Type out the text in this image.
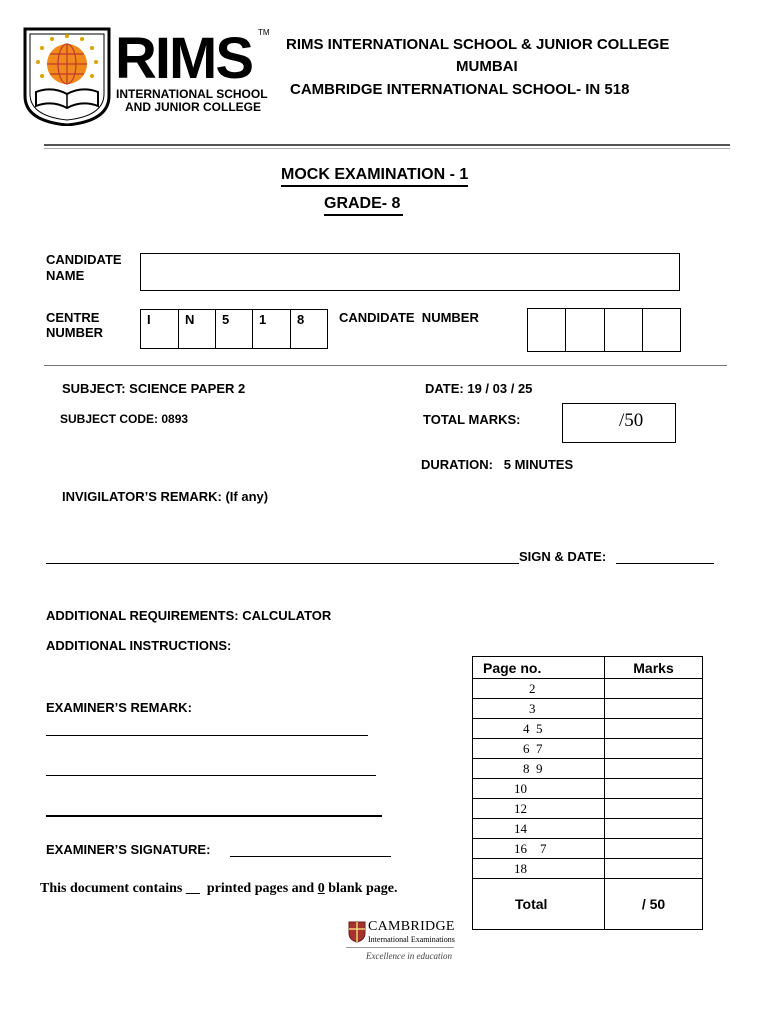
RIMS TM
INTERNATIONAL SCHOOL
AND JUNIOR COLLEGE
RIMS INTERNATIONAL SCHOOL & JUNIOR COLLEGE
MUMBAI
CAMBRIDGE INTERNATIONAL SCHOOL- IN 518
MOCK EXAMINATION - 1
GRADE- 8
CANDIDATE
NAME
CENTRE
NUMBER
I	N	5	1	8	CANDIDATE  NUMBER
SUBJECT: SCIENCE PAPER 2	DATE: 19 / 03 / 25
SUBJECT CODE: 0893	TOTAL MARKS:	/50
DURATION:   5 MINUTES
INVIGILATOR’S REMARK: (If any)
SIGN & DATE:
ADDITIONAL REQUIREMENTS: CALCULATOR
ADDITIONAL INSTRUCTIONS:
EXAMINER’S REMARK:
EXAMINER’S SIGNATURE:
This document contains __ printed pages and 0 blank page.
CAMBRIDGE
International Examinations
Excellence in education
Page no.	Marks
2	
3	
4  5	
6  7	
8  9	
10	
12	
14	
16    7	
18	
Total	/ 50
